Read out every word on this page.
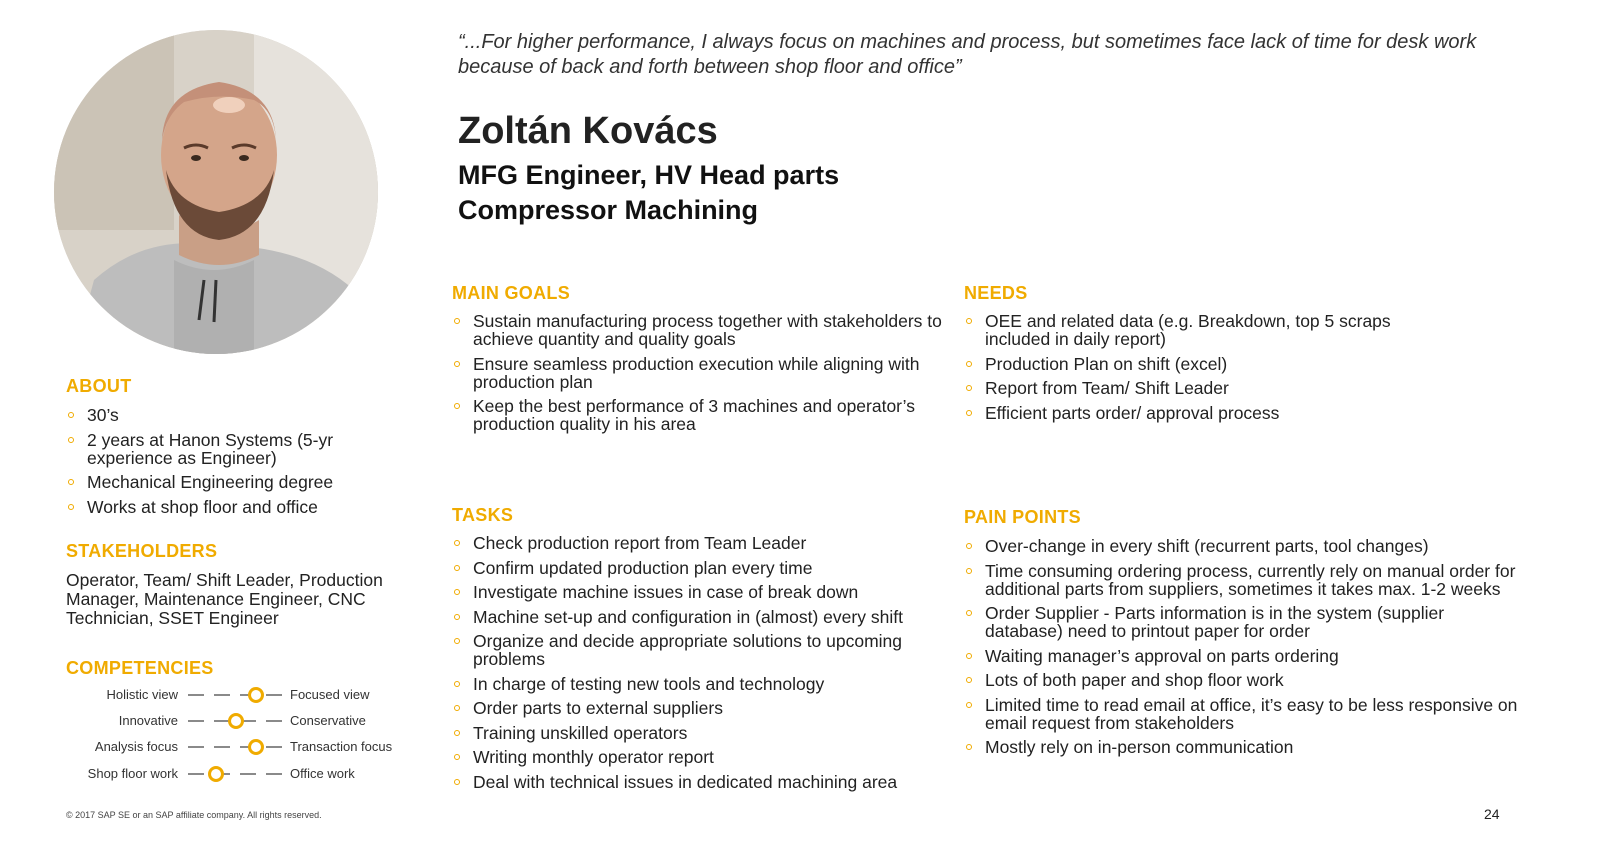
“...For higher performance, I always focus on machines and process, but sometimes face lack of time for desk work because of back and forth between shop floor and office”
Zoltán Kovács
MFG Engineer, HV Head parts
Compressor Machining
ABOUT
30’s
2 years at Hanon Systems (5-yr experience as Engineer)
Mechanical Engineering degree
Works at shop floor and office
STAKEHOLDERS
Operator, Team/ Shift Leader, Production Manager, Maintenance Engineer, CNC Technician, SSET Engineer
COMPETENCIES
Holistic view	Focused view
Innovative	Conservative
Analysis focus	Transaction focus
Shop floor work	Office work
MAIN GOALS
Sustain manufacturing process together with stakeholders to achieve quantity and quality goals
Ensure seamless production execution while aligning with production plan
Keep the best performance of 3 machines and operator’s production quality in his area
NEEDS
OEE and related data (e.g. Breakdown, top 5 scraps included in daily report)
Production Plan on shift (excel)
Report from Team/ Shift Leader
Efficient parts order/ approval process
TASKS
Check production report from Team Leader
Confirm updated production plan every time
Investigate machine issues in case of break down
Machine set-up and configuration in (almost) every shift
Organize and decide appropriate solutions to upcoming problems
In charge of testing new tools and technology
Order parts to external suppliers
Training unskilled operators
Writing monthly operator report
Deal with technical issues in dedicated machining area
PAIN POINTS
Over-change in every shift (recurrent parts, tool changes)
Time consuming ordering process, currently rely on manual order for additional parts from suppliers, sometimes it takes max. 1-2 weeks
Order Supplier - Parts information is in the system (supplier database) need to printout paper for order
Waiting manager’s approval on parts ordering
Lots of both paper and shop floor work
Limited time to read email at office, it’s easy to be less responsive on email request from stakeholders
Mostly rely on in-person communication
© 2017 SAP SE or an SAP affiliate company. All rights reserved.	24
